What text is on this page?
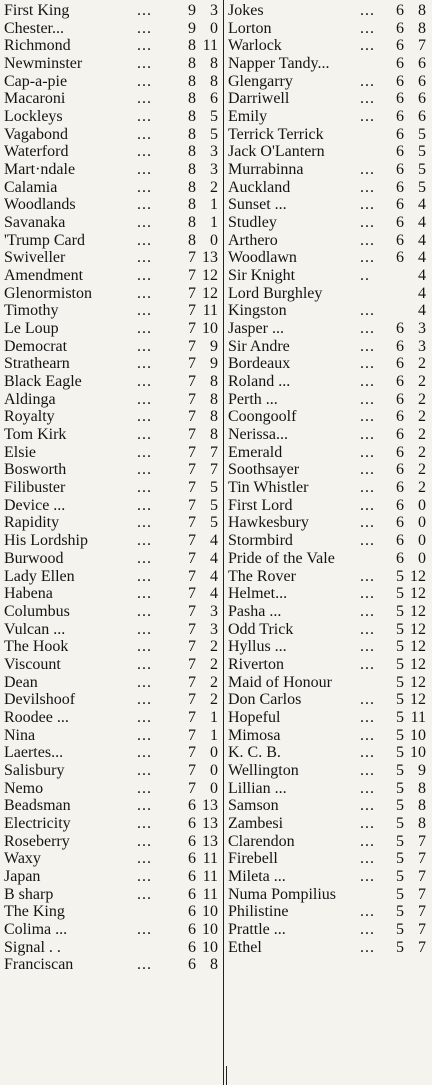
First King	...	9 3
Chester...	...	9 0
Richmond	...	8 11
Newminster	...	8 8
Cap-a-pie	...	8 8
Macaroni	...	8 6
Lockleys	...	8 5
Vagabond	...	8 5
Waterford	...	8 3
Mart·ndale	...	8 3
Calamia	...	8 2
Woodlands	...	8 1
Savanaka	...	8 1
'Trump Card	...	8 0
Swiveller	...	7 13
Amendment	...	7 12
Glenormiston	...	7 12
Timothy	...	7 11
Le Loup	...	7 10
Democrat	...	7 9
Strathearn	...	7 9
Black Eagle	...	7 8
Aldinga	...	7 8
Royalty	...	7 8
Tom Kirk	...	7 8
Elsie	...	7 7
Bosworth	...	7 7
Filibuster	...	7 5
Device ...	...	7 5
Rapidity	...	7 5
His Lordship	...	7 4
Burwood	...	7 4
Lady Ellen	...	7 4
Habena	...	7 4
Columbus	...	7 3
Vulcan ...	...	7 3
The Hook	...	7 2
Viscount	...	7 2
Dean	...	7 2
Devilshoof	...	7 2
Roodee ...	...	7 1
Nina	...	7 1
Laertes...	...	7 0
Salisbury	...	7 0
Nemo	...	7 0
Beadsman	...	6 13
Electricity	...	6 13
Roseberry	...	6 13
Waxy	...	6 11
Japan	...	6 11
B sharp	...	6 11
The King	6 10
Colima ...	...	6 10
Signal . .	6 10
Franciscan	...	6 8
Jokes	...	6 8
Lorton	...	6 8
Warlock	...	6 7
Napper Tandy...	6 6
Glengarry	...	6 6
Darriwell	...	6 6
Emily	...	6 6
Terrick Terrick	6 5
Jack O'Lantern	6 5
Murrabinna	...	6 5
Auckland	...	6 5
Sunset ...	...	6 4
Studley	...	6 4
Arthero	...	6 4
Woodlawn	...	6 4
Sir Knight	..	4
Lord Burghley	4
Kingston	...	4
Jasper ...	...	6 3
Sir Andre	...	6 3
Bordeaux	...	6 2
Roland ...	...	6 2
Perth ...	...	6 2
Coongoolf	...	6 2
Nerissa...	...	6 2
Emerald	...	6 2
Soothsayer	...	6 2
Tin Whistler	...	6 2
First Lord	...	6 0
Hawkesbury	...	6 0
Stormbird	...	6 0
Pride of the Vale	6 0
The Rover	...	5 12
Helmet...	...	5 12
Pasha ...	...	5 12
Odd Trick	...	5 12
Hyllus ...	...	5 12
Riverton	...	5 12
Maid of Honour	5 12
Don Carlos	...	5 12
Hopeful	...	5 11
Mimosa	...	5 10
K. C. B.	...	5 10
Wellington	...	5 9
Lillian ...	...	5 8
Samson	...	5 8
Zambesi	...	5 8
Clarendon	...	5 7
Firebell	...	5 7
Mileta ...	...	5 7
Numa Pompilius	5 7
Philistine	...	5 7
Prattle ...	...	5 7
Ethel	...	5 7
